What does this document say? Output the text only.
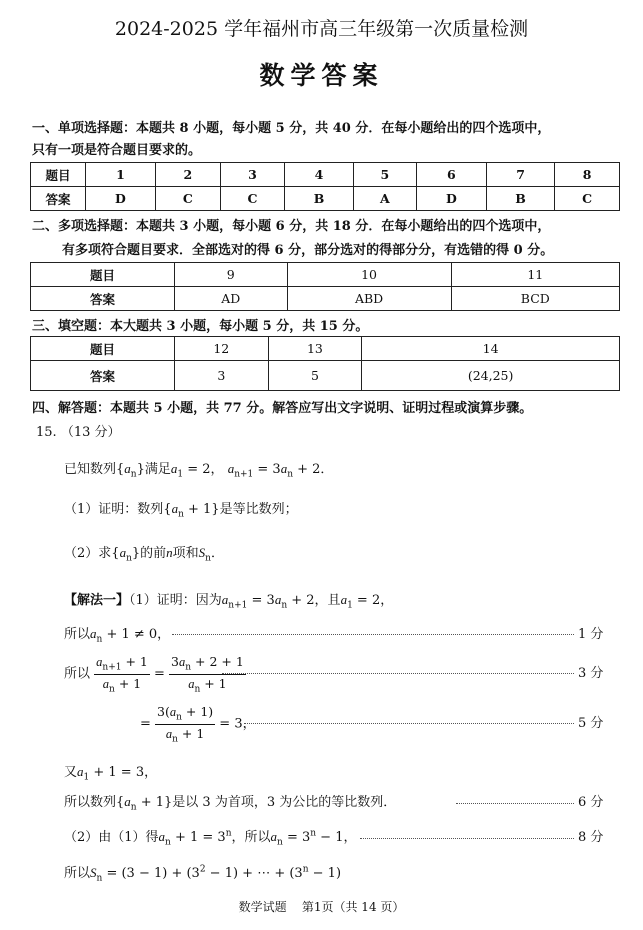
2024-2025 学年福州市高三年级第一次质量检测
数学答案
一、单项选择题：本题共 8 小题，每小题 5 分，共 40 分．在每小题给出的四个选项中，
只有一项是符合题目要求的。
题目	1	2	3	4	5	6	7	8
答案	D	C	C	B	A	D	B	C
二、多项选择题：本题共 3 小题，每小题 6 分，共 18 分．在每小题给出的四个选项中，
有多项符合题目要求．全部选对的得 6 分，部分选对的得部分分，有选错的得 0 分。
题目	9	10	11
答案	AD	ABD	BCD
三、填空题：本大题共 3 小题，每小题 5 分，共 15 分。
题目	12	13	14
答案	3	5	(24,25)
四、解答题：本题共 5 小题，共 77 分。解答应写出文字说明、证明过程或演算步骤。
15. （13 分）
已知数列$\{a_n\}$满足$a_1 = 2$， $a_{n+1} = 3a_n + 2$．
（1）证明：数列$\{a_n + 1\}$是等比数列；
（2）求$\{a_n\}$的前n项和$S_n$．
【解法一】（1）证明：因为$a_{n+1} = 3a_n + 2$，且$a_1 = 2$，
所以$a_n + 1 \ne 0$，	1 分
所以 $\frac{a_{n+1} + 1}{a_n + 1} = \frac{3a_n + 2 + 1}{a_n + 1}$	3 分
= $\frac{3(a_n + 1)}{a_n + 1} = 3$，	5 分
又$a_1 + 1 = 3$，
所以数列$\{a_n + 1\}$是以 3 为首项，3 为公比的等比数列．	6 分
（2）由（1）得$a_n + 1 = 3^n$，所以$a_n = 3^n - 1$，	8 分
所以$S_n = (3 - 1) + (3^2 - 1)$ + ⋯ + $(3^n - 1)$
数学试题 第1页（共 14 页）
